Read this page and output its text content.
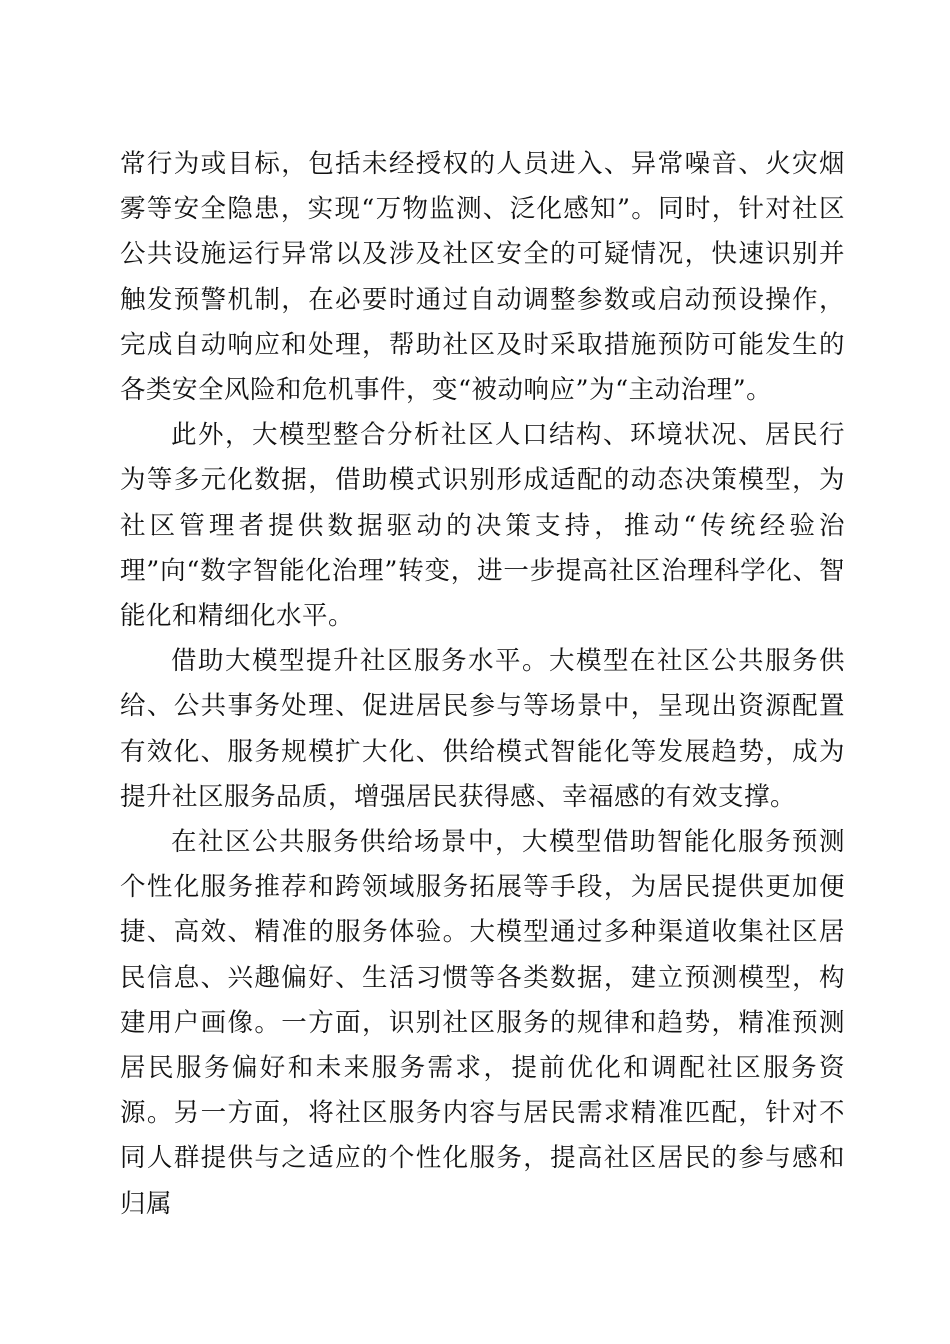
常行为或目标，包括未经授权的人员进入、异常噪音、火灾烟雾等安全隐患，实现“万物监测、泛化感知”。同时，针对社区公共设施运行异常以及涉及社区安全的可疑情况，快速识别并触发预警机制，在必要时通过自动调整参数或启动预设操作，完成自动响应和处理，帮助社区及时采取措施预防可能发生的各类安全风险和危机事件，变“被动响应”为“主动治理”。

此外，大模型整合分析社区人口结构、环境状况、居民行为等多元化数据，借助模式识别形成适配的动态决策模型，为社区管理者提供数据驱动的决策支持，推动“传统经验治理”向“数字智能化治理”转变，进一步提高社区治理科学化、智能化和精细化水平。

借助大模型提升社区服务水平。大模型在社区公共服务供给、公共事务处理、促进居民参与等场景中，呈现出资源配置有效化、服务规模扩大化、供给模式智能化等发展趋势，成为提升社区服务品质，增强居民获得感、幸福感的有效支撑。

在社区公共服务供给场景中，大模型借助智能化服务预测个性化服务推荐和跨领域服务拓展等手段，为居民提供更加便捷、高效、精准的服务体验。大模型通过多种渠道收集社区居民信息、兴趣偏好、生活习惯等各类数据，建立预测模型，构建用户画像。一方面，识别社区服务的规律和趋势，精准预测居民服务偏好和未来服务需求，提前优化和调配社区服务资源。另一方面，将社区服务内容与居民需求精准匹配，针对不同人群提供与之适应的个性化服务，提高社区居民的参与感和归属
